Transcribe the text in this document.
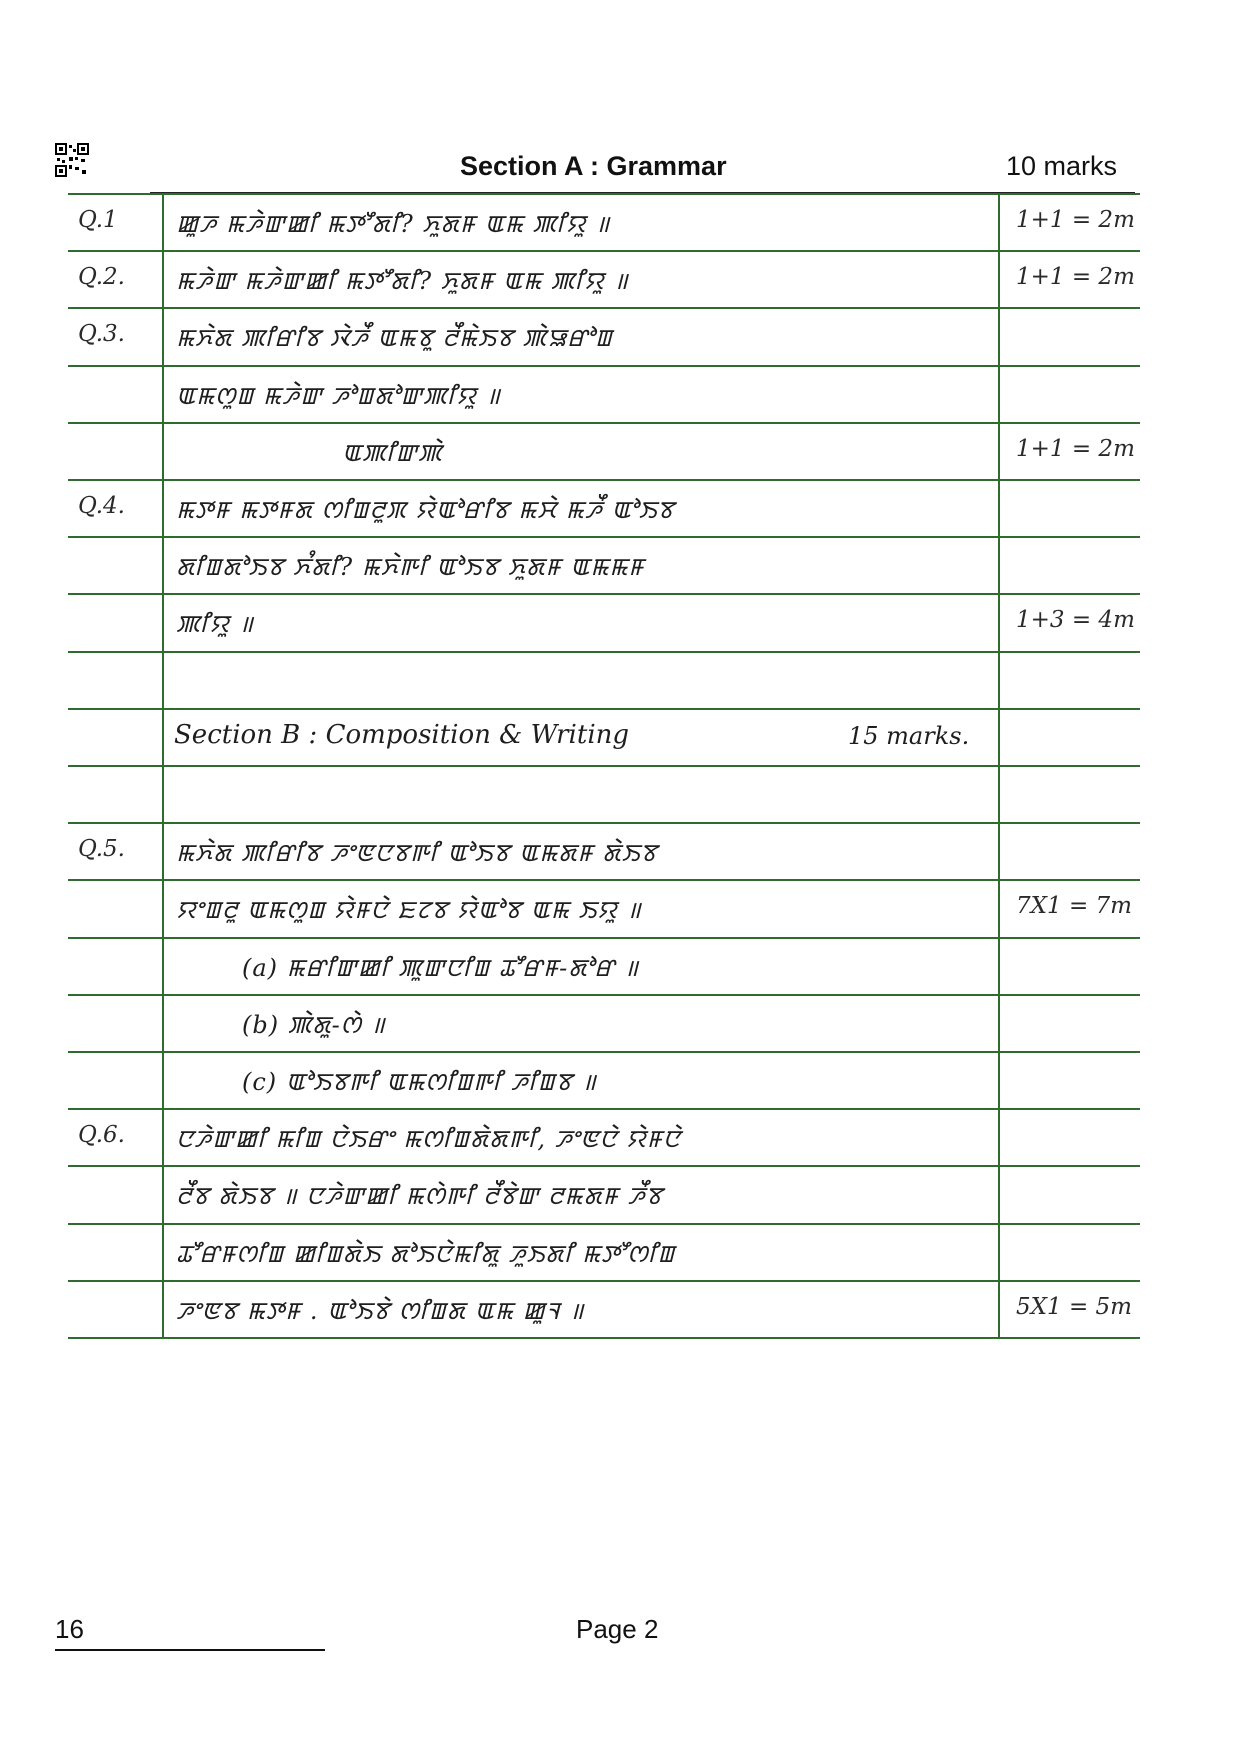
Section A : Grammar	10 marks
Q.1 ꯀꯨꯍ ꯃꯍꯥꯛꯀꯤ ꯃꯇꯧꯗꯤ? ꯈꯨꯗꯝ ꯑꯃ ꯄꯤꯌꯨ ॥	1+1 = 2m
Q.2. ꯃꯍꯥꯛ ꯃꯍꯥꯛꯀꯤ ꯃꯇꯧꯗꯤ? ꯈꯨꯗꯝ ꯑꯃ ꯄꯤꯌꯨ ॥	1+1 = 2m
Q.3. ꯃꯈꯥꯗ ꯄꯤꯔꯤꯕ ꯋꯥꯍꯩ ꯑꯃꯕꯨ ꯂꯩꯃꯥꯏꯕ ꯄꯥꯎꯔꯣꯡ
ꯑꯃꯁꯨꯡ ꯃꯍꯥꯛ ꯍꯣꯡꯗꯣꯛꯄꯤꯌꯨ ॥
ꯑꯄꯤꯛꯄꯥ	1+1 = 2m
Q.4. ꯃꯇꯝ ꯃꯇꯝꯗ ꯁꯤꯡꯂꯨꯞ ꯌꯥꯑꯣꯔꯤꯕ ꯃꯆꯥ ꯃꯍꯩ ꯑꯣꯏꯕ
ꯗꯤꯡꯗꯣꯏꯕ ꯈꯪꯗꯤ? ꯃꯈꯥꯒꯤ ꯑꯣꯏꯕ ꯈꯨꯗꯝ ꯑꯃꯃꯝ
ꯄꯤꯌꯨ ॥	1+3 = 4m
Section B : Composition & Writing	15 marks.
Q.5. ꯃꯈꯥꯗ ꯄꯤꯔꯤꯕ ꯍꯦꯟꯅꯕꯒꯤ ꯑꯣꯏꯕ ꯑꯃꯗꯝ ꯗꯥꯏꯕ
ꯌꯦꯡꯂꯨ ꯑꯃꯁꯨꯡ ꯌꯥꯝꯅꯥ ꯐꯖꯕ ꯌꯥꯑꯣꯕ ꯑꯃ ꯏꯌꯨ ॥	7X1 = 7m
(a) ꯃꯔꯤꯛꯀꯤ ꯄꯨꯛꯅꯤꯡ ꯊꯧꯔꯝ-ꯗꯣꯔ ॥
(b) ꯄꯥꯗꯨ-ꯁꯥ ॥
(c) ꯑꯣꯏꯕꯒꯤ ꯑꯃꯁꯤꯡꯒꯤ ꯍꯤꯡꯕ ॥
Q.6. ꯅꯍꯥꯛꯀꯤ ꯃꯤꯡ ꯅꯥꯏꯔꯦ ꯃꯁꯤꯡꯗꯥꯗꯒꯤ, ꯍꯦꯟꯅꯥ ꯌꯥꯝꯅꯥ
ꯂꯩꯕ ꯗꯥꯏꯕ ॥ ꯅꯍꯥꯛꯀꯤ ꯃꯁꯥꯒꯤ ꯂꯩꯕꯥꯛ ꯂꯃꯗꯝ ꯍꯩꯕ
ꯊꯧꯔꯝꯁꯤꯡ ꯀꯤꯡꯗꯥꯏ ꯗꯣꯏꯅꯥꯃꯤꯗꯨ ꯍꯨꯏꯗꯤ ꯃꯇꯧꯁꯤꯡ
ꯍꯦꯟꯕ ꯃꯇꯝ . ꯑꯣꯏꯕꯥ ꯁꯤꯡꯗ ꯑꯃ ꯀꯨꯜ ॥	5X1 = 5m
16	Page 2
